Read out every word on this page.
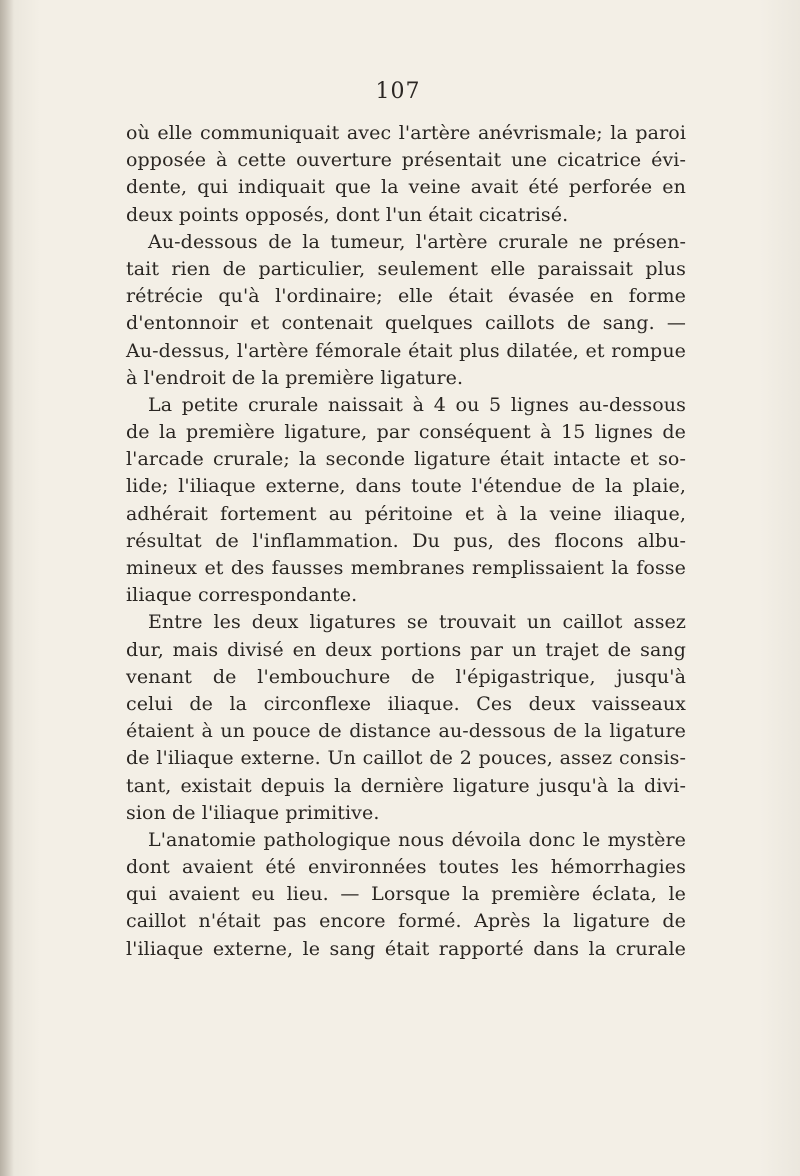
107
où elle communiquait avec l'artère anévrismale; la paroi
opposée à cette ouverture présentait une cicatrice évi-
dente, qui indiquait que la veine avait été perforée en
deux points opposés, dont l'un était cicatrisé.
Au-dessous de la tumeur, l'artère crurale ne présen-
tait rien de particulier, seulement elle paraissait plus
rétrécie qu'à l'ordinaire; elle était évasée en forme
d'entonnoir et contenait quelques caillots de sang. —
Au-dessus, l'artère fémorale était plus dilatée, et rompue
à l'endroit de la première ligature.
La petite crurale naissait à 4 ou 5 lignes au-dessous
de la première ligature, par conséquent à 15 lignes de
l'arcade crurale; la seconde ligature était intacte et so-
lide; l'iliaque externe, dans toute l'étendue de la plaie,
adhérait fortement au péritoine et à la veine iliaque,
résultat de l'inflammation. Du pus, des flocons albu-
mineux et des fausses membranes remplissaient la fosse
iliaque correspondante.
Entre les deux ligatures se trouvait un caillot assez
dur, mais divisé en deux portions par un trajet de sang
venant de l'embouchure de l'épigastrique, jusqu'à
celui de la circonflexe iliaque. Ces deux vaisseaux
étaient à un pouce de distance au-dessous de la ligature
de l'iliaque externe. Un caillot de 2 pouces, assez consis-
tant, existait depuis la dernière ligature jusqu'à la divi-
sion de l'iliaque primitive.
L'anatomie pathologique nous dévoila donc le mystère
dont avaient été environnées toutes les hémorrhagies
qui avaient eu lieu. — Lorsque la première éclata, le
caillot n'était pas encore formé. Après la ligature de
l'iliaque externe, le sang était rapporté dans la crurale
